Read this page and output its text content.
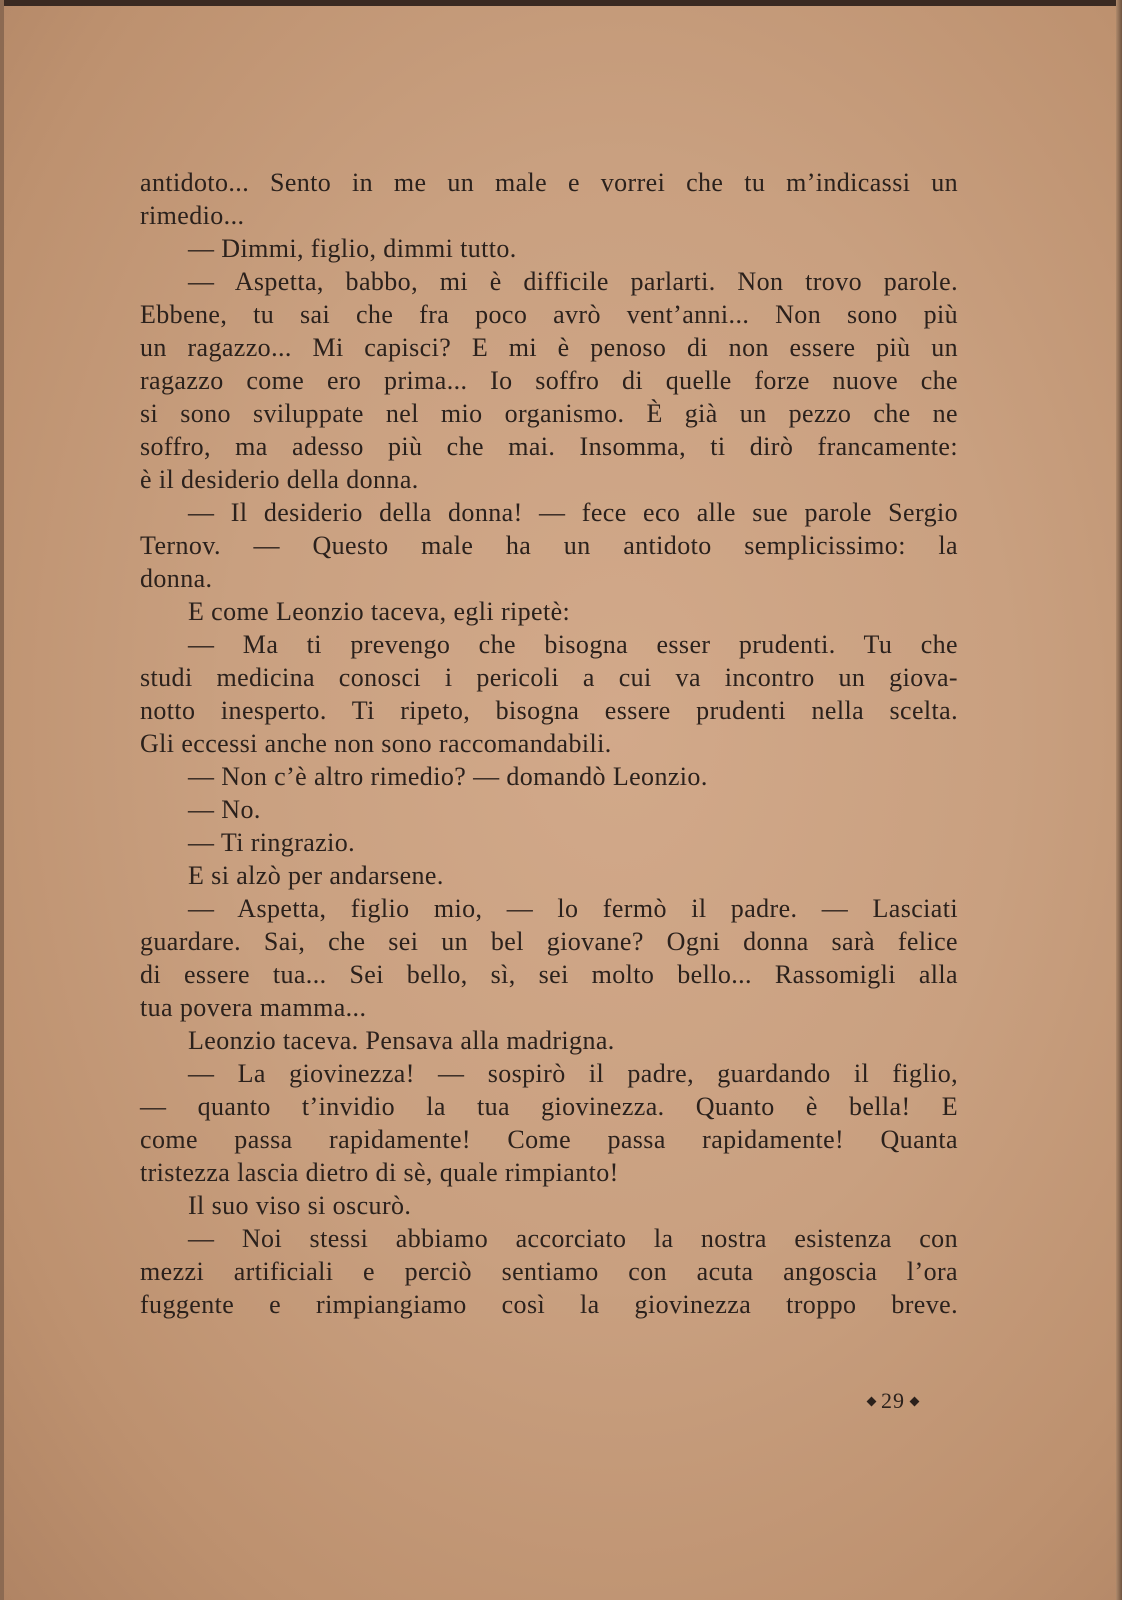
antidoto... Sento in me un male e vorrei che tu m’indicassi un
rimedio...
— Dimmi, figlio, dimmi tutto.
— Aspetta, babbo, mi è difficile parlarti. Non trovo parole.
Ebbene, tu sai che fra poco avrò vent’anni... Non sono più
un ragazzo... Mi capisci? E mi è penoso di non essere più un
ragazzo come ero prima... Io soffro di quelle forze nuove che
si sono sviluppate nel mio organismo. È già un pezzo che ne
soffro, ma adesso più che mai. Insomma, ti dirò francamente:
è il desiderio della donna.
— Il desiderio della donna! — fece eco alle sue parole Sergio
Ternov. — Questo male ha un antidoto semplicissimo: la
donna.
E come Leonzio taceva, egli ripetè:
— Ma ti prevengo che bisogna esser prudenti. Tu che
studi medicina conosci i pericoli a cui va incontro un giova-
notto inesperto. Ti ripeto, bisogna essere prudenti nella scelta.
Gli eccessi anche non sono raccomandabili.
— Non c’è altro rimedio? — domandò Leonzio.
— No.
— Ti ringrazio.
E si alzò per andarsene.
— Aspetta, figlio mio, — lo fermò il padre. — Lasciati
guardare. Sai, che sei un bel giovane? Ogni donna sarà felice
di essere tua... Sei bello, sì, sei molto bello... Rassomigli alla
tua povera mamma...
Leonzio taceva. Pensava alla madrigna.
— La giovinezza! — sospirò il padre, guardando il figlio,
— quanto t’invidio la tua giovinezza. Quanto è bella! E
come passa rapidamente! Come passa rapidamente! Quanta
tristezza lascia dietro di sè, quale rimpianto!
Il suo viso si oscurò.
— Noi stessi abbiamo accorciato la nostra esistenza con
mezzi artificiali e perciò sentiamo con acuta angoscia l’ora
fuggente e rimpiangiamo così la giovinezza troppo breve.
29
